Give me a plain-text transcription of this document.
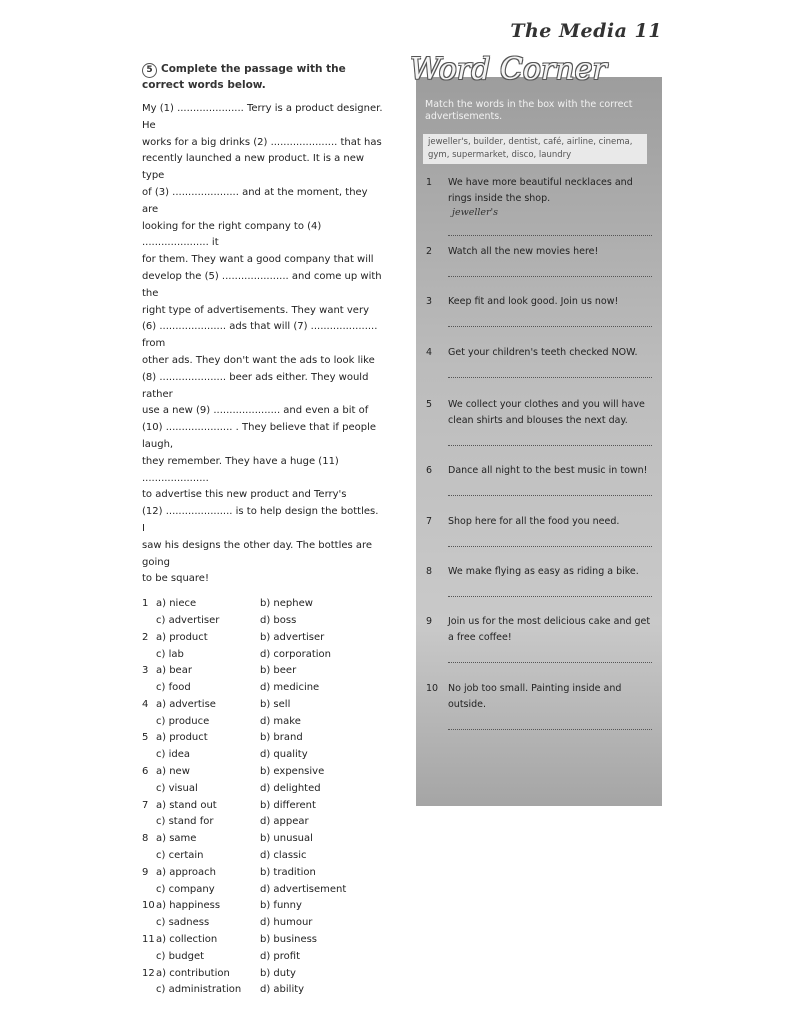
The Media 11
5 Complete the passage with the correct words below.

My (1) ..................... Terry is a product designer. He
works for a big drinks (2) ..................... that has
recently launched a new product. It is a new type
of (3) ..................... and at the moment, they are
looking for the right company to (4) ..................... it
for them. They want a good company that will
develop the (5) ..................... and come up with the
right type of advertisements. They want very
(6) ..................... ads that will (7) ..................... from
other ads. They don't want the ads to look like
(8) ..................... beer ads either. They would rather
use a new (9) ..................... and even a bit of
(10) ..................... . They believe that if people laugh,
they remember. They have a huge (11) .....................
to advertise this new product and Terry's
(12) ..................... is to help design the bottles. I
saw his designs the other day. The bottles are going
to be square!

1 a) niece	b) nephew
c) advertiser	d) boss
2 a) product	b) advertiser
c) lab	d) corporation
3 a) bear	b) beer
c) food	d) medicine
4 a) advertise	b) sell
c) produce	d) make
5 a) product	b) brand
c) idea	d) quality
6 a) new	b) expensive
c) visual	d) delighted
7 a) stand out	b) different
c) stand for	d) appear
8 a) same	b) unusual
c) certain	d) classic
9 a) approach	b) tradition
c) company	d) advertisement
10 a) happiness	b) funny
c) sadness	d) humour
11 a) collection	b) business
c) budget	d) profit
12 a) contribution	b) duty
c) administration	d) ability
Word Corner
Match the words in the box with the correct advertisements.
jeweller's, builder, dentist, café, airline, cinema, gym, supermarket, disco, laundry
1	We have more beautiful necklaces and rings inside the shop.
jeweller's
2	Watch all the new movies here!
3	Keep fit and look good. Join us now!
4	Get your children's teeth checked NOW.
5	We collect your clothes and you will have clean shirts and blouses the next day.
6	Dance all night to the best music in town!
7	Shop here for all the food you need.
8	We make flying as easy as riding a bike.
9	Join us for the most delicious cake and get a free coffee!
10	No job too small. Painting inside and outside.
